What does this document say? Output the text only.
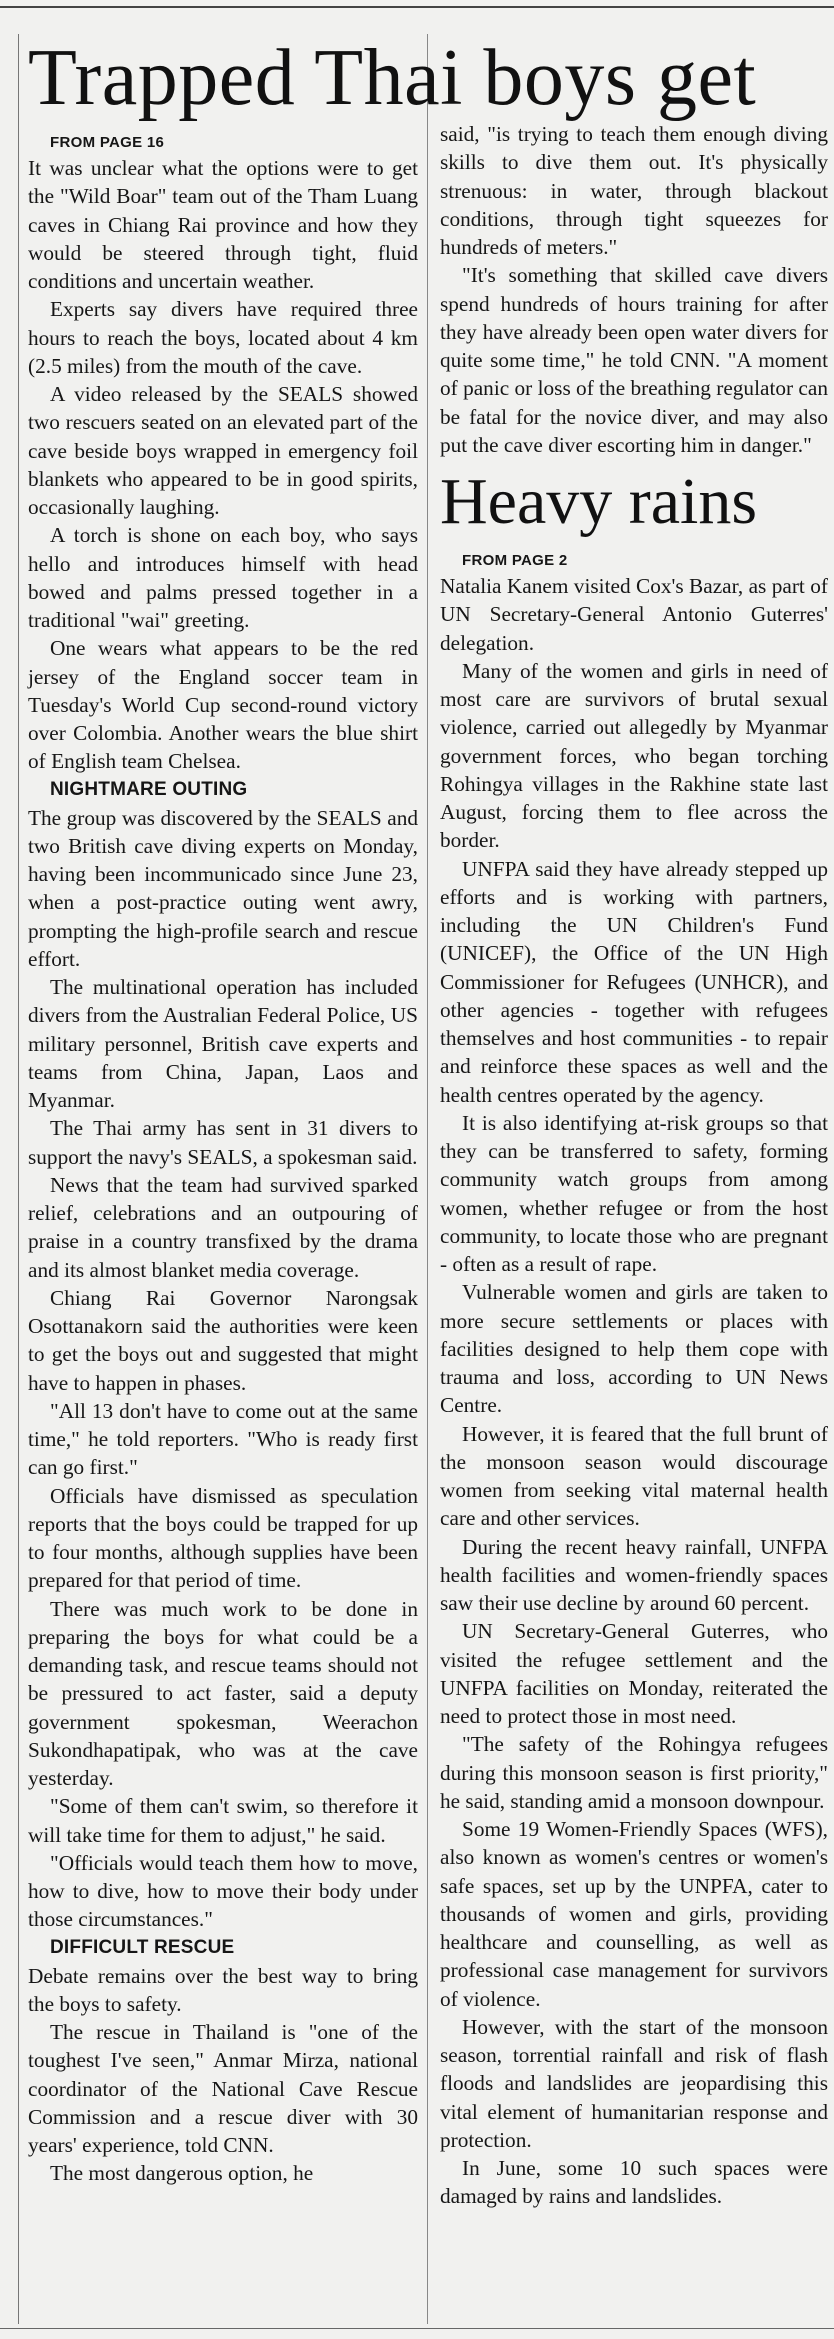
Trapped Thai boys get

FROM PAGE 16

It was unclear what the options were to get the "Wild Boar" team out of the Tham Luang caves in Chiang Rai province and how they would be steered through tight, fluid conditions and uncertain weather.

Experts say divers have required three hours to reach the boys, located about 4 km (2.5 miles) from the mouth of the cave.

A video released by the SEALS showed two rescuers seated on an elevated part of the cave beside boys wrapped in emergency foil blankets who appeared to be in good spirits, occasionally laughing.

A torch is shone on each boy, who says hello and introduces himself with head bowed and palms pressed together in a traditional "wai" greeting.

One wears what appears to be the red jersey of the England soccer team in Tuesday's World Cup second-round victory over Colombia. Another wears the blue shirt of English team Chelsea.

NIGHTMARE OUTING

The group was discovered by the SEALS and two British cave diving experts on Monday, having been incommunicado since June 23, when a post-practice outing went awry, prompting the high-profile search and rescue effort.

The multinational operation has included divers from the Australian Federal Police, US military personnel, British cave experts and teams from China, Japan, Laos and Myanmar.

The Thai army has sent in 31 divers to support the navy's SEALS, a spokesman said.

News that the team had survived sparked relief, celebrations and an outpouring of praise in a country transfixed by the drama and its almost blanket media coverage.

Chiang Rai Governor Narongsak Osottanakorn said the authorities were keen to get the boys out and suggested that might have to happen in phases.

"All 13 don't have to come out at the same time," he told reporters. "Who is ready first can go first."

Officials have dismissed as speculation reports that the boys could be trapped for up to four months, although supplies have been prepared for that period of time.

There was much work to be done in preparing the boys for what could be a demanding task, and rescue teams should not be pressured to act faster, said a deputy government spokesman, Weerachon Sukondhapatipak, who was at the cave yesterday.

"Some of them can't swim, so therefore it will take time for them to adjust," he said.

"Officials would teach them how to move, how to dive, how to move their body under those circumstances."

DIFFICULT RESCUE

Debate remains over the best way to bring the boys to safety.

The rescue in Thailand is "one of the toughest I've seen," Anmar Mirza, national coordinator of the National Cave Rescue Commission and a rescue diver with 30 years' experience, told CNN.

The most dangerous option, he

said, "is trying to teach them enough diving skills to dive them out. It's physically strenuous: in water, through blackout conditions, through tight squeezes for hundreds of meters."

"It's something that skilled cave divers spend hundreds of hours training for after they have already been open water divers for quite some time," he told CNN. "A moment of panic or loss of the breathing regulator can be fatal for the novice diver, and may also put the cave diver escorting him in danger."

Heavy rains

FROM PAGE 2

Natalia Kanem visited Cox's Bazar, as part of UN Secretary-General Antonio Guterres' delegation.

Many of the women and girls in need of most care are survivors of brutal sexual violence, carried out allegedly by Myanmar government forces, who began torching Rohingya villages in the Rakhine state last August, forcing them to flee across the border.

UNFPA said they have already stepped up efforts and is working with partners, including the UN Children's Fund (UNICEF), the Office of the UN High Commissioner for Refugees (UNHCR), and other agencies - together with refugees themselves and host communities - to repair and reinforce these spaces as well and the health centres operated by the agency.

It is also identifying at-risk groups so that they can be transferred to safety, forming community watch groups from among women, whether refugee or from the host community, to locate those who are pregnant - often as a result of rape.

Vulnerable women and girls are taken to more secure settlements or places with facilities designed to help them cope with trauma and loss, according to UN News Centre.

However, it is feared that the full brunt of the monsoon season would discourage women from seeking vital maternal health care and other services.

During the recent heavy rainfall, UNFPA health facilities and women-friendly spaces saw their use decline by around 60 percent.

UN Secretary-General Guterres, who visited the refugee settlement and the UNFPA facilities on Monday, reiterated the need to protect those in most need.

"The safety of the Rohingya refugees during this monsoon season is first priority," he said, standing amid a monsoon downpour.

Some 19 Women-Friendly Spaces (WFS), also known as women's centres or women's safe spaces, set up by the UNPFA, cater to thousands of women and girls, providing healthcare and counselling, as well as professional case management for survivors of violence.

However, with the start of the monsoon season, torrential rainfall and risk of flash floods and landslides are jeopardising this vital element of humanitarian response and protection.

In June, some 10 such spaces were damaged by rains and landslides.
